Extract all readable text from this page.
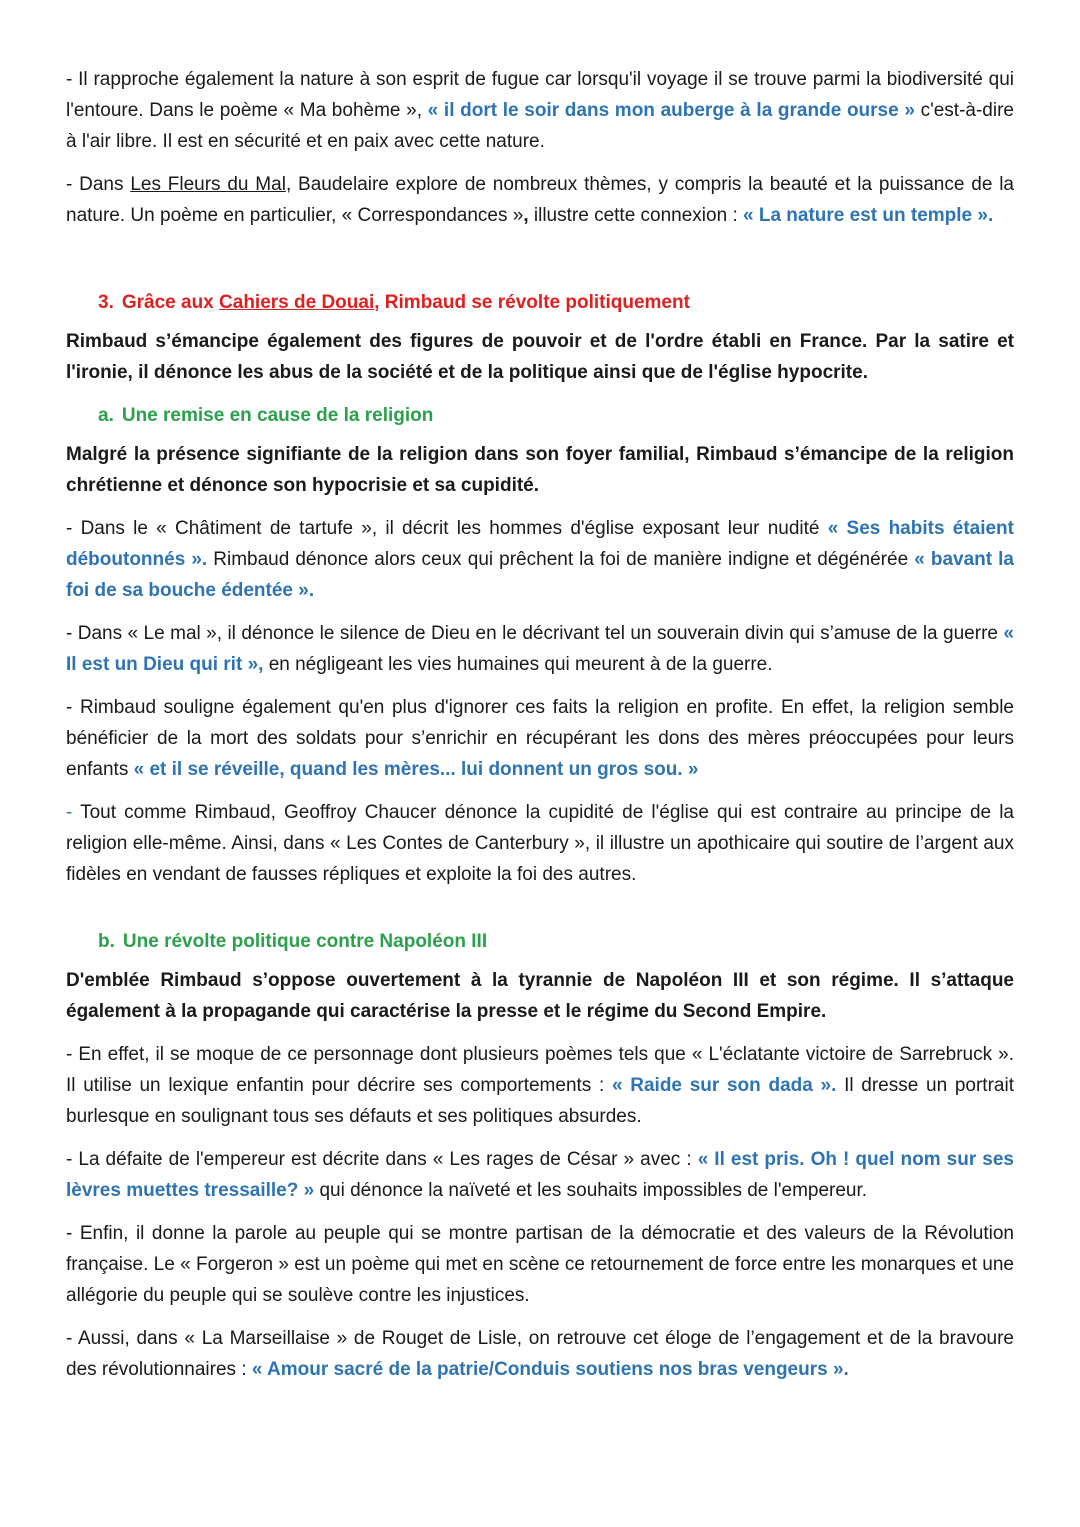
- Il rapproche également la nature à son esprit de fugue car lorsqu'il voyage il se trouve parmi la biodiversité qui l'entoure. Dans le poème « Ma bohème », « il dort le soir dans mon auberge à la grande ourse » c'est-à-dire à l'air libre. Il est en sécurité et en paix avec cette nature.

- Dans Les Fleurs du Mal, Baudelaire explore de nombreux thèmes, y compris la beauté et la puissance de la nature. Un poème en particulier, « Correspondances », illustre cette connexion : « La nature est un temple ».

3. Grâce aux Cahiers de Douai, Rimbaud se révolte politiquement

Rimbaud s’émancipe également des figures de pouvoir et de l'ordre établi en France. Par la satire et l'ironie, il dénonce les abus de la société et de la politique ainsi que de l'église hypocrite.

a. Une remise en cause de la religion

Malgré la présence signifiante de la religion dans son foyer familial, Rimbaud s’émancipe de la religion chrétienne et dénonce son hypocrisie et sa cupidité.

- Dans le « Châtiment de tartufe », il décrit les hommes d'église exposant leur nudité « Ses habits étaient déboutonnés ». Rimbaud dénonce alors ceux qui prêchent la foi de manière indigne et dégénérée « bavant la foi de sa bouche édentée ».

- Dans « Le mal », il dénonce le silence de Dieu en le décrivant tel un souverain divin qui s’amuse de la guerre « Il est un Dieu qui rit », en négligeant les vies humaines qui meurent à de la guerre.

- Rimbaud souligne également qu'en plus d'ignorer ces faits la religion en profite. En effet, la religion semble bénéficier de la mort des soldats pour s’enrichir en récupérant les dons des mères préoccupées pour leurs enfants « et il se réveille, quand les mères... lui donnent un gros sou. »

- Tout comme Rimbaud, Geoffroy Chaucer dénonce la cupidité de l'église qui est contraire au principe de la religion elle-même. Ainsi, dans « Les Contes de Canterbury », il illustre un apothicaire qui soutire de l’argent aux fidèles en vendant de fausses répliques et exploite la foi des autres.

b. Une révolte politique contre Napoléon III

D'emblée Rimbaud s’oppose ouvertement à la tyrannie de Napoléon III et son régime. Il s’attaque également à la propagande qui caractérise la presse et le régime du Second Empire.

- En effet, il se moque de ce personnage dont plusieurs poèmes tels que « L'éclatante victoire de Sarrebruck ». Il utilise un lexique enfantin pour décrire ses comportements : « Raide sur son dada ». Il dresse un portrait burlesque en soulignant tous ses défauts et ses politiques absurdes.

- La défaite de l'empereur est décrite dans « Les rages de César » avec : « Il est pris. Oh ! quel nom sur ses lèvres muettes tressaille? » qui dénonce la naïveté et les souhaits impossibles de l'empereur.

- Enfin, il donne la parole au peuple qui se montre partisan de la démocratie et des valeurs de la Révolution française. Le « Forgeron » est un poème qui met en scène ce retournement de force entre les monarques et une allégorie du peuple qui se soulève contre les injustices.

- Aussi, dans « La Marseillaise » de Rouget de Lisle, on retrouve cet éloge de l’engagement et de la bravoure des révolutionnaires : « Amour sacré de la patrie/Conduis soutiens nos bras vengeurs ».
